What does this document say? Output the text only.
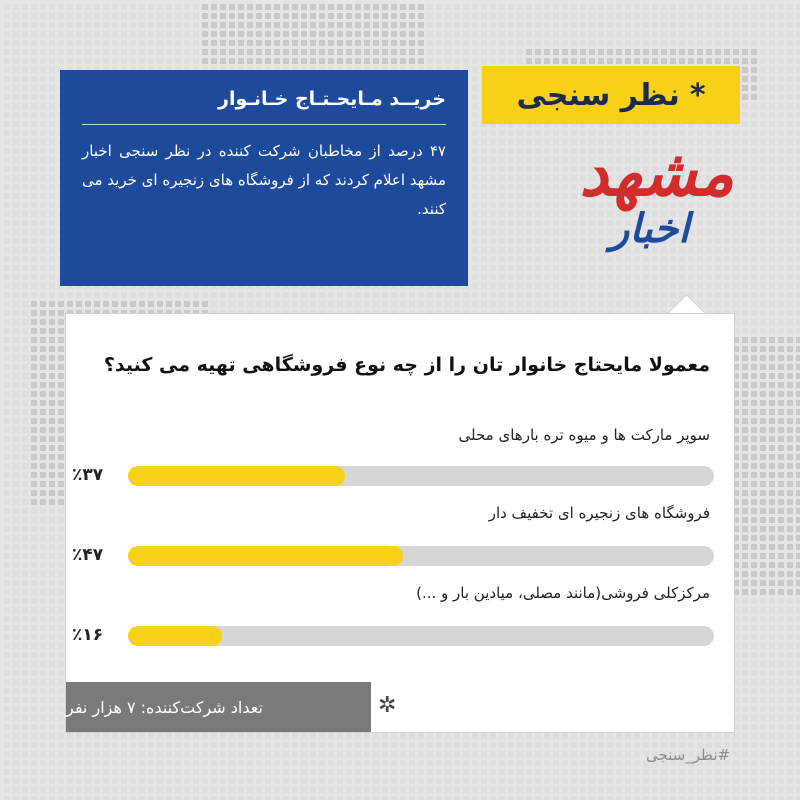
خریــد مـایحـتـاج خـانـوار

۴۷ درصد از مخاطبان شرکت کننده در نظر سنجی اخبار مشهد اعلام کردند که از فروشگاه های زنجیره ای خرید می کنند.

*
نظر سنجی
مشهد
اخبار

معمولا مایحتاج خانوار تان را از چه نوع فروشگاهی تهیه می کنید؟

سوپر مارکت ها و میوه تره بارهای محلی
٪۳۷
فروشگاه های زنجیره ای تخفیف دار
٪۴۷
مرکزکلی فروشی(مانند مصلی، میادین بار و ...)
٪۱۶
تعداد شرکت‌کننده: ۷ هزار نفر	✲
#نظر_سنجی
